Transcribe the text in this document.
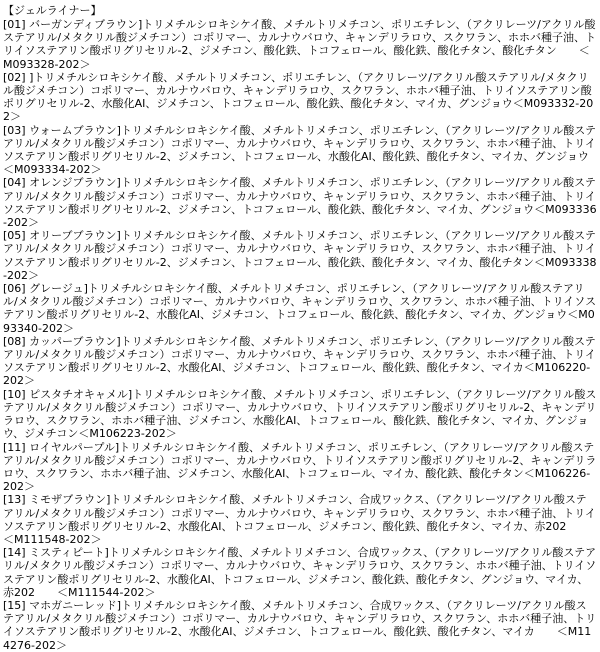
【ジェルライナー】

[01] バーガンディブラウン]トリメチルシロキシケイ酸、メチルトリメチコン、ポリエチレン、（アクリレーツ/アクリル酸ステアリル/メタクリル酸ジメチコン）コポリマー、カルナウバロウ、キャンデリラロウ、スクワラン、ホホバ種子油、トリイソステアリン酸ポリグリセリル-2、ジメチコン、酸化鉄、トコフェロール、酸化鉄、酸化チタン、酸化チタン　　＜M093328-202＞

[02] ]トリメチルシロキシケイ酸、メチルトリメチコン、ポリエチレン、（アクリレーツ/アクリル酸ステアリル/メタクリル酸ジメチコン）コポリマー、カルナウバロウ、キャンデリラロウ、スクワラン、ホホバ種子油、トリイソステアリン酸ポリグリセリル-2、水酸化AI、ジメチコン、トコフェロール、酸化鉄、酸化チタン、マイカ、グンジョウ＜M093332-202＞

[03] ウォームブラウン]トリメチルシロキシケイ酸、メチルトリメチコン、ポリエチレン、（アクリレーツ/アクリル酸ステアリル/メタクリル酸ジメチコン）コポリマー、カルナウバロウ、キャンデリラロウ、スクワラン、ホホバ種子油、トリイソステアリン酸ポリグリセリル-2、ジメチコン、トコフェロール、水酸化AI、酸化鉄、酸化チタン、マイカ、グンジョウ＜M093334-202＞

[04] オレンジブラウン]トリメチルシロキシケイ酸、メチルトリメチコン、ポリエチレン、（アクリレーツ/アクリル酸ステアリル/メタクリル酸ジメチコン）コポリマー、カルナウバロウ、キャンデリラロウ、スクワラン、ホホバ種子油、トリイソステアリン酸ポリグリセリル-2、ジメチコン、トコフェロール、酸化鉄、酸化チタン、マイカ、グンジョウ＜M093336-202＞

[05] オリーブブラウン]トリメチルシロキシケイ酸、メチルトリメチコン、ポリエチレン、（アクリレーツ/アクリル酸ステアリル/メタクリル酸ジメチコン）コポリマー、カルナウバロウ、キャンデリラロウ、スクワラン、ホホバ種子油、トリイソステアリン酸ポリグリセリル-2、ジメチコン、トコフェロール、酸化鉄、酸化チタン、マイカ、酸化チタン＜M093338-202＞

[06] グレージュ]トリメチルシロキシケイ酸、メチルトリメチコン、ポリエチレン、（アクリレーツ/アクリル酸ステアリル/メタクリル酸ジメチコン）コポリマー、カルナウバロウ、キャンデリラロウ、スクワラン、ホホバ種子油、トリイソステアリン酸ポリグリセリル-2、水酸化AI、ジメチコン、トコフェロール、酸化鉄、酸化チタン、マイカ、グンジョウ＜M093340-202＞

[08] カッパーブラウン]トリメチルシロキシケイ酸、メチルトリメチコン、ポリエチレン、（アクリレーツ/アクリル酸ステアリル/メタクリル酸ジメチコン）コポリマー、カルナウバロウ、キャンデリラロウ、スクワラン、ホホバ種子油、トリイソステアリン酸ポリグリセリル-2、水酸化AI、ジメチコン、トコフェロール、酸化鉄、酸化チタン、マイカ＜M106220-202＞

[10] ピスタチオキャメル]トリメチルシロキシケイ酸、メチルトリメチコン、ポリエチレン、（アクリレーツ/アクリル酸ステアリル/メタクリル酸ジメチコン）コポリマー、カルナウバロウ、トリイソステアリン酸ポリグリセリル-2、キャンデリラロウ、スクワラン、ホホバ種子油、ジメチコン、水酸化AI、トコフェロール、酸化鉄、酸化チタン、マイカ、グンジョウ、ジメチコン＜M106223-202＞

[11] ロイヤルパープル]トリメチルシロキシケイ酸、メチルトリメチコン、ポリエチレン、（アクリレーツ/アクリル酸ステアリル/メタクリル酸ジメチコン）コポリマー、カルナウバロウ、トリイソステアリン酸ポリグリセリル-2、キャンデリラロウ、スクワラン、ホホバ種子油、ジメチコン、水酸化AI、トコフェロール、マイカ、酸化鉄、酸化チタン＜M106226-202＞

[13] ミモザブラウン]トリメチルシロキシケイ酸、メチルトリメチコン、合成ワックス、（アクリレーツ/アクリル酸ステアリル/メタクリル酸ジメチコン）コポリマー、カルナウバロウ、キャンデリラロウ、スクワラン、ホホバ種子油、トリイソステアリン酸ポリグリセリル-2、水酸化AI、トコフェロール、ジメチコン、酸化鉄、酸化チタン、マイカ、赤202　　＜M111548-202＞

[14] ミスティピート]トリメチルシロキシケイ酸、メチルトリメチコン、合成ワックス、（アクリレーツ/アクリル酸ステアリル/メタクリル酸ジメチコン）コポリマー、カルナウバロウ、キャンデリラロウ、スクワラン、ホホバ種子油、トリイソステアリン酸ポリグリセリル-2、水酸化AI、トコフェロール、ジメチコン、酸化鉄、酸化チタン、グンジョウ、マイカ、赤202　　＜M111544-202＞

[15] マホガニーレッド]トリメチルシロキシケイ酸、メチルトリメチコン、合成ワックス、（アクリレーツ/アクリル酸ステアリル/メタクリル酸ジメチコン）コポリマー、カルナウバロウ、キャンデリラロウ、スクワラン、ホホバ種子油、トリイソステアリン酸ポリグリセリル-2、水酸化AI、ジメチコン、トコフェロール、酸化鉄、酸化チタン、マイカ　　＜M114276-202＞
